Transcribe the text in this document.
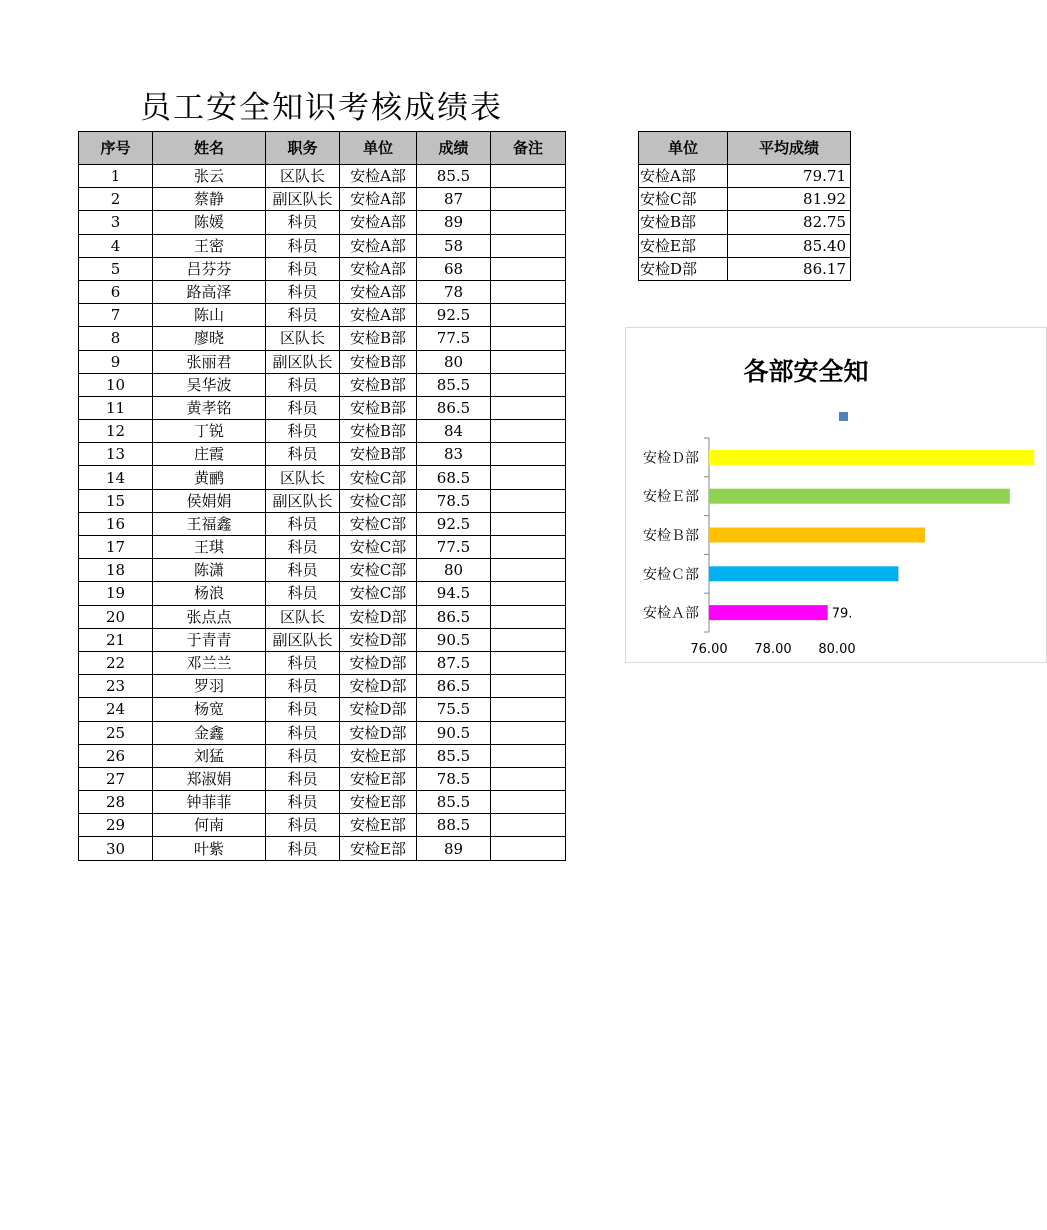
员工安全知识考核成绩表
序号	姓名	职务	单位	成绩	备注
1	张云	区队长	安检A部	85.5	
2	蔡静	副区队长	安检A部	87	
3	陈媛	科员	安检A部	89	
4	王密	科员	安检A部	58	
5	吕芬芬	科员	安检A部	68	
6	路高泽	科员	安检A部	78	
7	陈山	科员	安检A部	92.5	
8	廖晓	区队长	安检B部	77.5	
9	张丽君	副区队长	安检B部	80	
10	吴华波	科员	安检B部	85.5	
11	黄孝铭	科员	安检B部	86.5	
12	丁锐	科员	安检B部	84	
13	庄霞	科员	安检B部	83	
14	黄鹂	区队长	安检C部	68.5	
15	侯娟娟	副区队长	安检C部	78.5	
16	王福鑫	科员	安检C部	92.5	
17	王琪	科员	安检C部	77.5	
18	陈潇	科员	安检C部	80	
19	杨浪	科员	安检C部	94.5	
20	张点点	区队长	安检D部	86.5	
21	于青青	副区队长	安检D部	90.5	
22	邓兰兰	科员	安检D部	87.5	
23	罗羽	科员	安检D部	86.5	
24	杨宽	科员	安检D部	75.5	
25	金鑫	科员	安检D部	90.5	
26	刘猛	科员	安检E部	85.5	
27	郑淑娟	科员	安检E部	78.5	
28	钟菲菲	科员	安检E部	85.5	
29	何南	科员	安检E部	88.5	
30	叶紫	科员	安检E部	89	
单位	平均成绩
安检A部	79.71
安检C部	81.92
安检B部	82.75
安检E部	85.40
安检D部	86.17
各部安全知
安检Ｄ部
安检Ｅ部
安检Ｂ部
安检Ｃ部
安检Ａ部	79.
76.00 78.00 80.00
